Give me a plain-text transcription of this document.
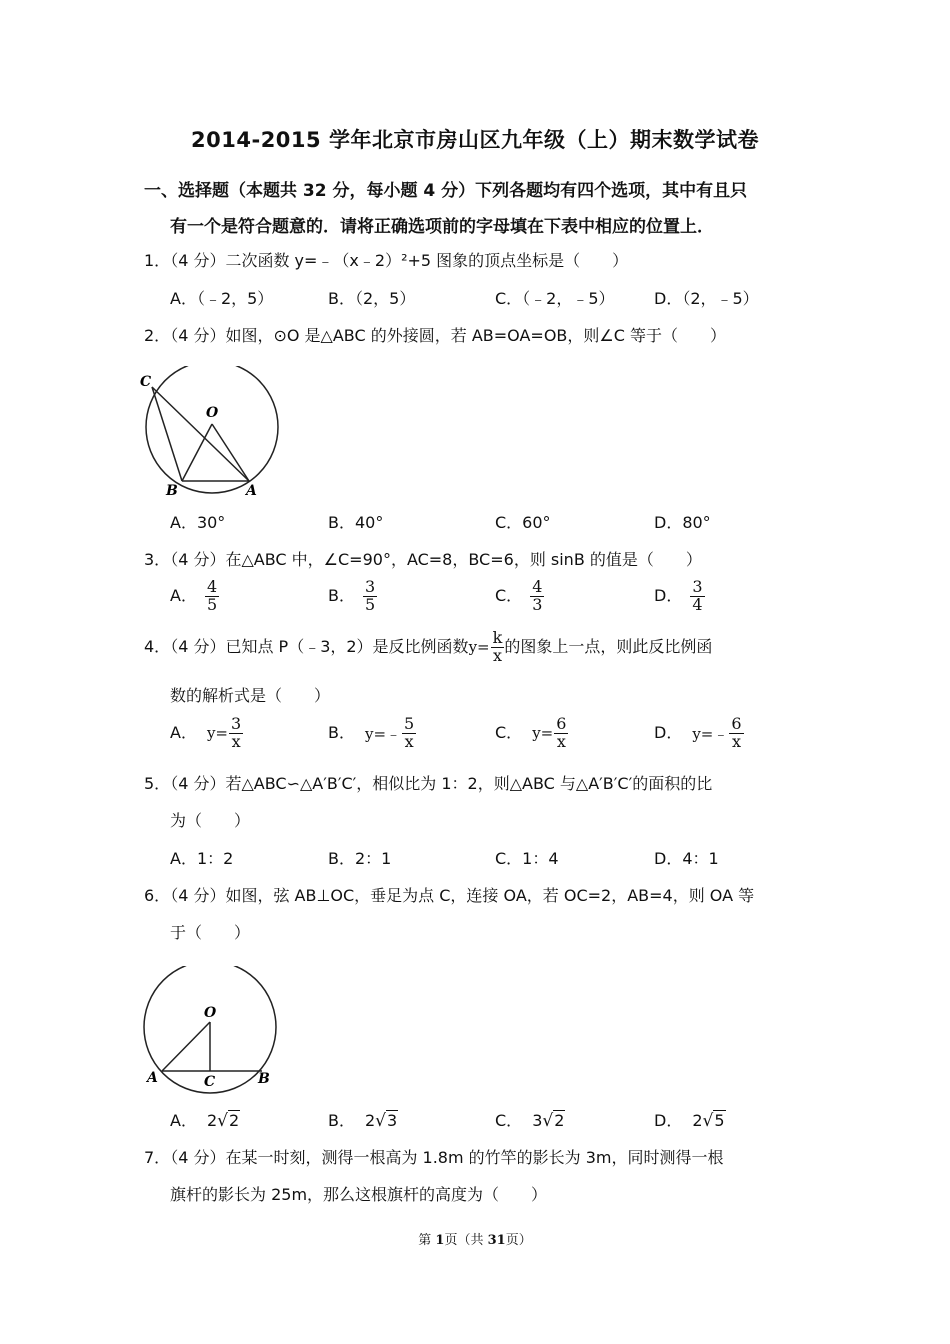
2014-2015 学年北京市房山区九年级（上）期末数学试卷
一、选择题（本题共 32 分，每小题 4 分）下列各题均有四个选项，其中有且只
有一个是符合题意的．请将正确选项前的字母填在下表中相应的位置上．
1．（4 分）二次函数 y=﹣（x﹣2）²+5 图象的顶点坐标是（　　）
A．（﹣2，5）	B．（2，5）	C．（﹣2，﹣5） D．（2，﹣5）
2．（4 分）如图，⊙O 是△ABC 的外接圆，若 AB=OA=OB，则∠C 等于（　　）
C
O
B	A
A．30°	B．40°	C．60°	D．80°
3．（4 分）在△ABC 中，∠C=90°，AC=8，BC=6，则 sinB 的值是（　　）
A． $\frac{4}{5}$	B． $\frac{3}{5}$	C． $\frac{4}{3}$	D． $\frac{3}{4}$
4．（4 分）已知点 P（﹣3，2）是反比例函数 $y= \frac{k}{x}$ 的图象上一点，则此反比例函
数的解析式是（　　）
A． $y= \frac{3}{x}$	B． y=﹣ $\frac{5}{x}$	C． $y= \frac{6}{x}$	D． y=﹣ $\frac{6}{x}$
5．（4 分）若△ABC∽△A′B′C′，相似比为 1：2，则△ABC 与△A′B′C′的面积的比
为（　　）
A．1：2	B．2：1	C．1：4	D．4：1
6．（4 分）如图，弦 AB⊥OC，垂足为点 C，连接 OA，若 OC=2，AB=4，则 OA 等
于（　　）
O
A	C	B
A． 2√2	B． 2√3	C． 3√2	D． 2√5
7．（4 分）在某一时刻，测得一根高为 1.8m 的竹竿的影长为 3m，同时测得一根
旗杆的影长为 25m，那么这根旗杆的高度为（　　）
第 1页（共 31页）
